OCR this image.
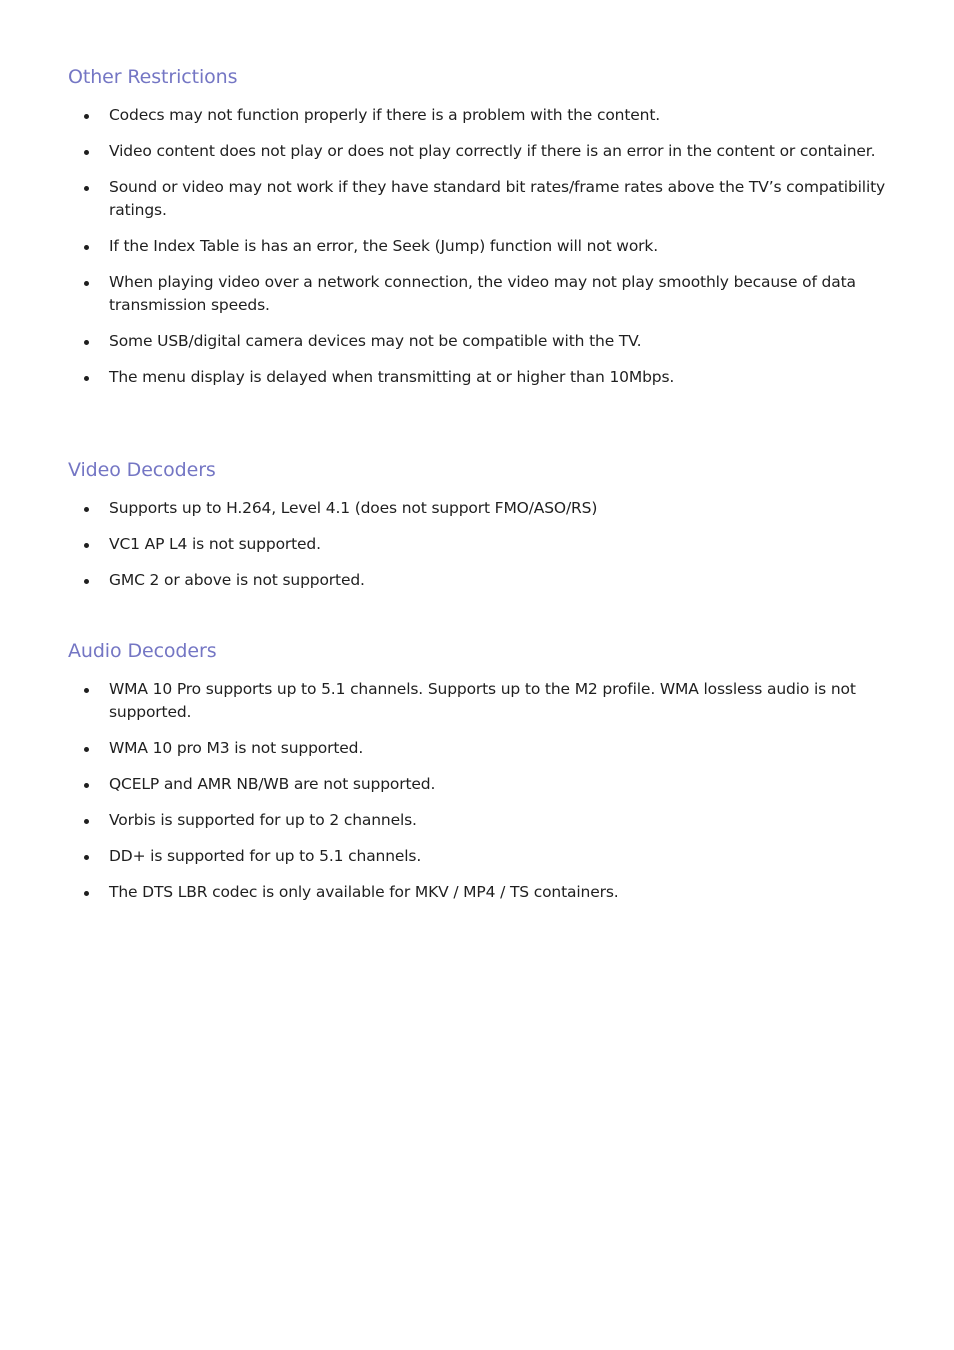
Other Restrictions
Codecs may not function properly if there is a problem with the content.
Video content does not play or does not play correctly if there is an error in the content or container.
Sound or video may not work if they have standard bit rates/frame rates above the TV’s compatibility ratings.
If the Index Table is has an error, the Seek (Jump) function will not work.
When playing video over a network connection, the video may not play smoothly because of data transmission speeds.
Some USB/digital camera devices may not be compatible with the TV.
The menu display is delayed when transmitting at or higher than 10Mbps.
Video Decoders
Supports up to H.264, Level 4.1 (does not support FMO/ASO/RS)
VC1 AP L4 is not supported.
GMC 2 or above is not supported.
Audio Decoders
WMA 10 Pro supports up to 5.1 channels. Supports up to the M2 profile. WMA lossless audio is not supported.
WMA 10 pro M3 is not supported.
QCELP and AMR NB/WB are not supported.
Vorbis is supported for up to 2 channels.
DD+ is supported for up to 5.1 channels.
The DTS LBR codec is only available for MKV / MP4 / TS containers.
